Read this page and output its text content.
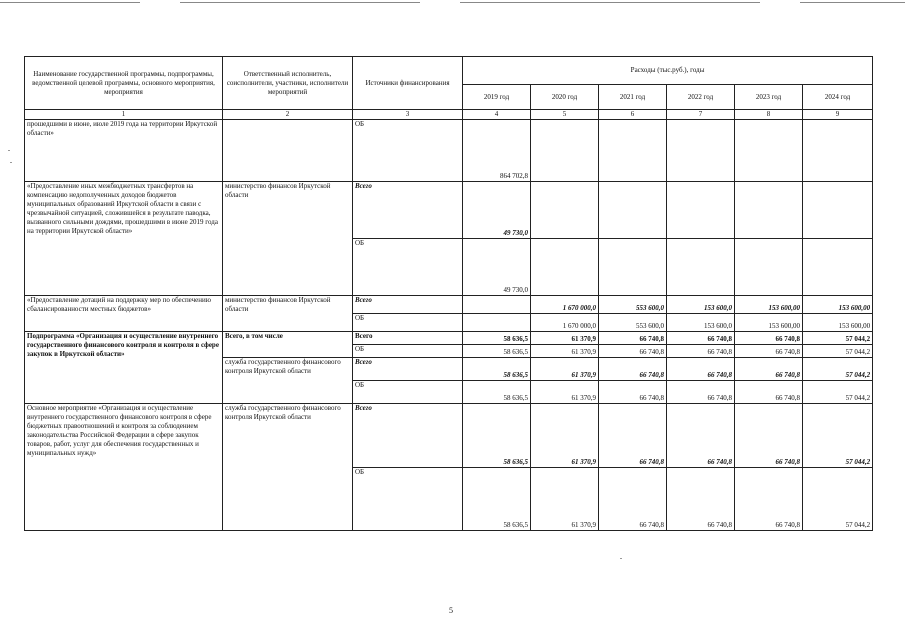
Наименование государственной программы, подпрограммы, ведомственной целевой программы, основного мероприятия, мероприятия	Ответственный исполнитель, соисполнители, участники, исполнители мероприятий	Источники финансирования	Расходы (тыс.руб.), годы					
			2019 год	2020 год	2021 год	2022 год	2023 год	2024 год
1	2	3	4	5	6	7	8	9
прошедшими в июне, июле 2019 года на территории Иркутской области»		ОБ	864 702,8					
«Предоставление иных межбюджетных трансфертов на компенсацию недополученных доходов бюджетов муниципальных образований Иркутской области в связи с чрезвычайной ситуацией, сложившейся в результате паводка, вызванного сильными дождями, прошедшими в июне 2019 года на территории Иркутской области»	министерство финансов Иркутской области	Всего	49 730,0					
		ОБ	49 730,0					
«Предоставление дотаций на поддержку мер по обеспечению сбалансированности местных бюджетов»	министерство финансов Иркутской области	Всего		1 670 000,0	553 600,0	153 600,0	153 600,00	153 600,00
		ОБ		1 670 000,0	553 600,0	153 600,0	153 600,00	153 600,00
Подпрограмма «Организация и осуществление внутреннего государственного финансового контроля и контроля в сфере закупок в Иркутской области»	Всего, в том числе	Всего	58 636,5	61 370,9	66 740,8	66 740,8	66 740,8	57 044,2
		ОБ	58 636,5	61 370,9	66 740,8	66 740,8	66 740,8	57 044,2
	служба государственного финансового контроля Иркутской области	Всего	58 636,5	61 370,9	66 740,8	66 740,8	66 740,8	57 044,2
		ОБ	58 636,5	61 370,9	66 740,8	66 740,8	66 740,8	57 044,2
Основное мероприятие «Организация и осуществление внутреннего государственного финансового контроля в сфере бюджетных правоотношений и контроля за соблюдением законодательства Российской Федерации в сфере закупок товаров, работ, услуг для обеспечения государственных и муниципальных нужд»	служба государственного финансового контроля Иркутской области	Всего	58 636,5	61 370,9	66 740,8	66 740,8	66 740,8	57 044,2
		ОБ	58 636,5	61 370,9	66 740,8	66 740,8	66 740,8	57 044,2
5
